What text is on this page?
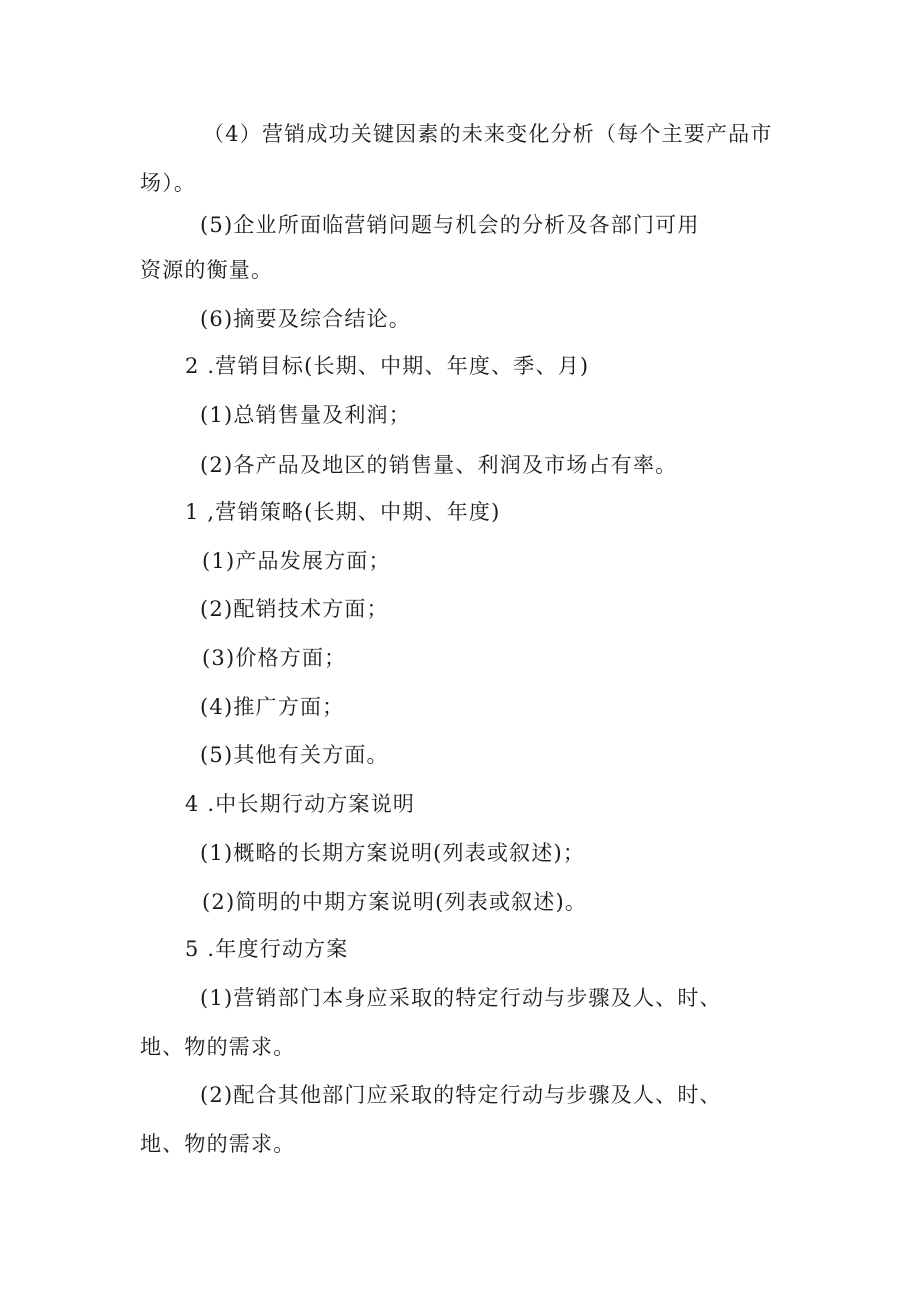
（4）营销成功关键因素的未来变化分析（每个主要产品市
场）。
(5)企业所面临营销问题与机会的分析及各部门可用
资源的衡量。
(6)摘要及综合结论。
2 .营销目标(长期、中期、年度、季、月)
(1)总销售量及利润；
(2)各产品及地区的销售量、利润及市场占有率。
1 ,营销策略(长期、中期、年度)
(1)产品发展方面；
(2)配销技术方面；
(3)价格方面；
(4)推广方面；
(5)其他有关方面。
4 .中长期行动方案说明
(1)概略的长期方案说明(列表或叙述)；
(2)简明的中期方案说明(列表或叙述)。
5 .年度行动方案
(1)营销部门本身应采取的特定行动与步骤及人、时、
地、物的需求。
(2)配合其他部门应采取的特定行动与步骤及人、时、
地、物的需求。
